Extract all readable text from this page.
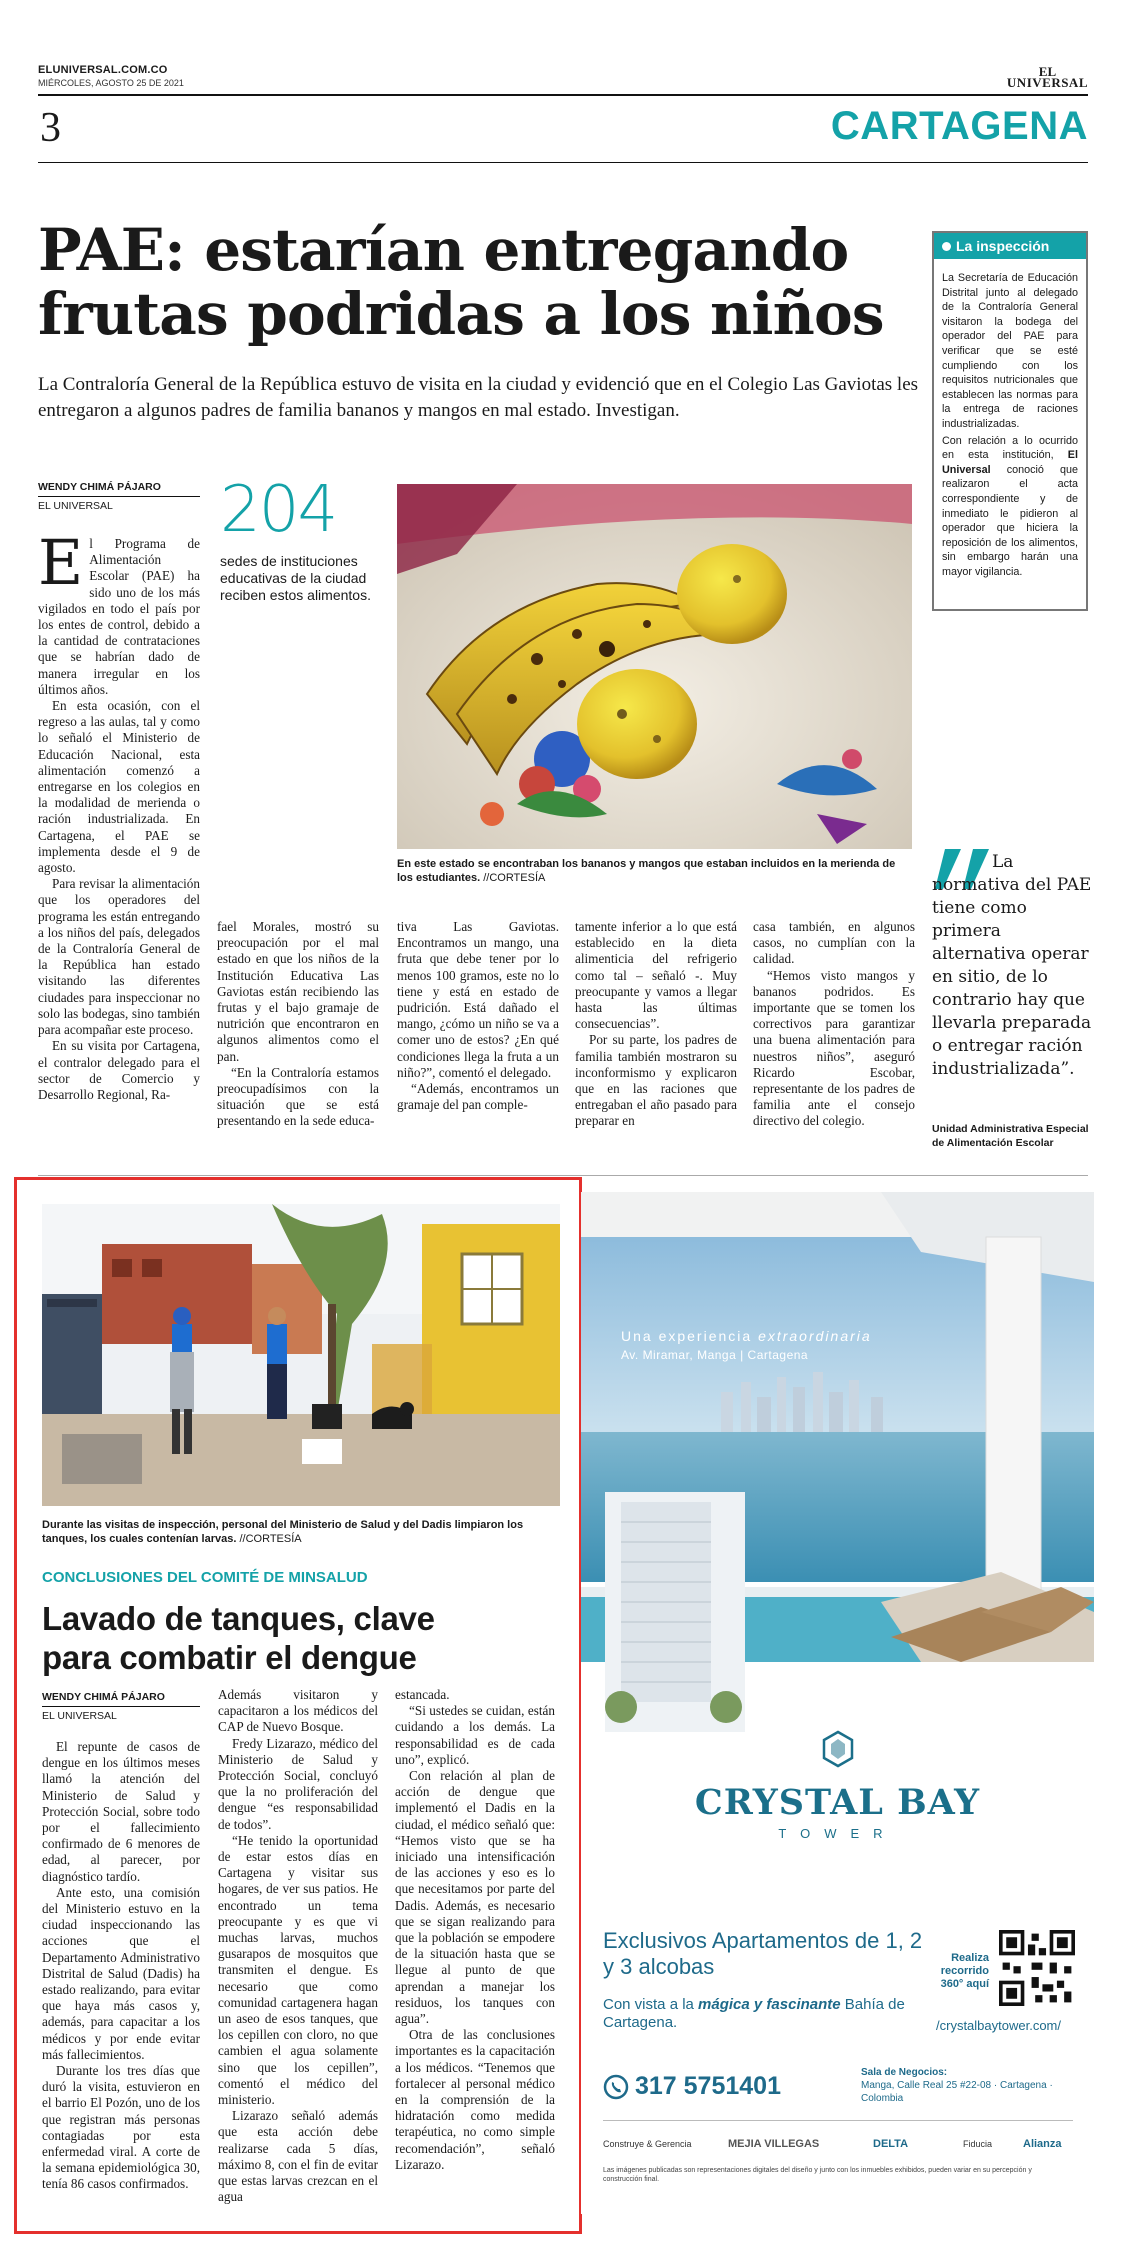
ELUNIVERSAL.COM.CO
MIÉRCOLES, AGOSTO 25 DE 2021
EL
UNIVERSAL
3	CARTAGENA
PAE: estarían entregando
frutas podridas a los niños
La Contraloría General de la República estuvo de visita en la ciudad y evidenció que en el Colegio Las Gaviotas les entregaron a algunos padres de familia bananos y mangos en mal estado. Investigan.
WENDY CHIMÁ PÁJARO
EL UNIVERSAL	204
sedes de instituciones educativas de la ciudad reciben estos alimentos.

El Programa de Alimentación Escolar (PAE) ha sido uno de los más vigilados en todo el país por los entes de control, debido a la cantidad de contrataciones que se habrían dado de manera irregular en los últimos años.

En esta ocasión, con el regreso a las aulas, tal y como lo señaló el Ministerio de Educación Nacional, esta alimentación comenzó a entregarse en los colegios en la modalidad de merienda o ración industrializada. En Cartagena, el PAE se implementa desde el 9 de agosto.

Para revisar la alimentación que los operadores del programa les están entregando a los niños del país, delegados de la Contraloría General de la República han estado visitando las diferentes ciudades para inspeccionar no solo las bodegas, sino también para acompañar este proceso.

En su visita por Cartagena, el contralor delegado para el sector de Comercio y Desarrollo Regional, Ra-

En este estado se encontraban los bananos y mangos que estaban incluidos en la merienda de los estudiantes. //CORTESÍA

fael Morales, mostró su preocupación por el mal estado en que los niños de la Institución Educativa Las Gaviotas están recibiendo las frutas y el bajo gramaje de nutrición que encontraron en algunos alimentos como el pan.

“En la Contraloría estamos preocupadísimos con la situación que se está presentando en la sede educa-

tiva Las Gaviotas. Encontramos un mango, una fruta que debe tener por lo menos 100 gramos, este no lo tiene y está en estado de pudrición. Está dañado el mango, ¿cómo un niño se va a comer uno de estos? ¿En qué condiciones llega la fruta a un niño?”, comentó el delegado.

“Además, encontramos un gramaje del pan comple-

tamente inferior a lo que está establecido en la dieta alimenticia del refrigerio como tal – señaló -. Muy preocupante y vamos a llegar hasta las últimas consecuencias”.

Por su parte, los padres de familia también mostraron su inconformismo y explicaron que en las raciones que entregaban el año pasado para preparar en

casa también, en algunos casos, no cumplían con la calidad.

“Hemos visto mangos y bananos podridos. Es importante que se tomen los correctivos para garantizar una buena alimentación para nuestros niños”, aseguró Ricardo Escobar, representante de los padres de familia ante el consejo directivo del colegio.

La inspección

La Secretaría de Educación Distrital junto al delegado de la Contraloría General visitaron la bodega del operador del PAE para verificar que se esté cumpliendo con los requisitos nutricionales que establecen las normas para la entrega de raciones industrializadas.

Con relación a lo ocurrido en esta institución, El Universal conoció que realizaron el acta correspondiente y de inmediato le pidieron al operador que hiciera la reposición de los alimentos, sin embargo harán una mayor vigilancia.

La normativa del PAE tiene como primera alternativa operar en sitio, de lo contrario hay que llevarla preparada o entregar ración industrializada”.
Unidad Administrativa Especial de Alimentación Escolar
Durante las visitas de inspección, personal del Ministerio de Salud y del Dadis limpiaron los tanques, los cuales contenían larvas. //CORTESÍA
CONCLUSIONES DEL COMITÉ DE MINSALUD
Lavado de tanques, clave
para combatir el dengue
WENDY CHIMÁ PÁJARO
EL UNIVERSAL

El repunte de casos de dengue en los últimos meses llamó la atención del Ministerio de Salud y Protección Social, sobre todo por el fallecimiento confirmado de 6 menores de edad, al parecer, por diagnóstico tardío.

Ante esto, una comisión del Ministerio estuvo en la ciudad inspeccionando las acciones que el Departamento Administrativo Distrital de Salud (Dadis) ha estado realizando, para evitar que haya más casos y, además, para capacitar a los médicos y por ende evitar más fallecimientos.

Durante los tres días que duró la visita, estuvieron en el barrio El Pozón, uno de los que registran más personas contagiadas por esta enfermedad viral. A corte de la semana epidemiológica 30, tenía 86 casos confirmados.

Además visitaron y capacitaron a los médicos del CAP de Nuevo Bosque.

Fredy Lizarazo, médico del Ministerio de Salud y Protección Social, concluyó que la no proliferación del dengue “es responsabilidad de todos”.

“He tenido la oportunidad de estar estos días en Cartagena y visitar sus hogares, de ver sus patios. He encontrado un tema preocupante y es que vi muchas larvas, muchos gusarapos de mosquitos que transmiten el dengue. Es necesario que como comunidad cartagenera hagan un aseo de esos tanques, que los cepillen con cloro, no que cambien el agua solamente sino que los cepillen”, comentó el médico del ministerio.

Lizarazo señaló además que esta acción debe realizarse cada 5 días, máximo 8, con el fin de evitar que estas larvas crezcan en el agua

estancada.

“Si ustedes se cuidan, están cuidando a los demás. La responsabilidad es de cada uno”, explicó.

Con relación al plan de acción de dengue que implementó el Dadis en la ciudad, el médico señaló que: “Hemos visto que se ha iniciado una intensificación de las acciones y eso es lo que necesitamos por parte del Dadis. Además, es necesario que se sigan realizando para que la población se empodere de la situación hasta que se llegue al punto de que aprendan a manejar los residuos, los tanques con agua”.

Otra de las conclusiones importantes es la capacitación a los médicos. “Tenemos que fortalecer al personal médico en la comprensión de la hidratación como medida terapéutica, no como simple recomendación”, señaló Lizarazo.

Una experiencia extraordinaria
Av. Miramar, Manga | Cartagena
CRYSTAL BAY
TOWER
Exclusivos Apartamentos de 1, 2 y 3 alcobas
Con vista a la mágica y fascinante Bahía de Cartagena.
Realiza recorrido 360° aquí
/crystalbaytower.com/
317 5751401	Sala de Negocios:
Manga, Calle Real 25 #22-08 · Cartagena · Colombia
Construye & Gerencia	MEJIA VILLEGAS	DELTA	Fiducia	Alianza
Las imágenes publicadas son representaciones digitales del diseño y junto con los inmuebles exhibidos, pueden variar en su percepción y construcción final.
